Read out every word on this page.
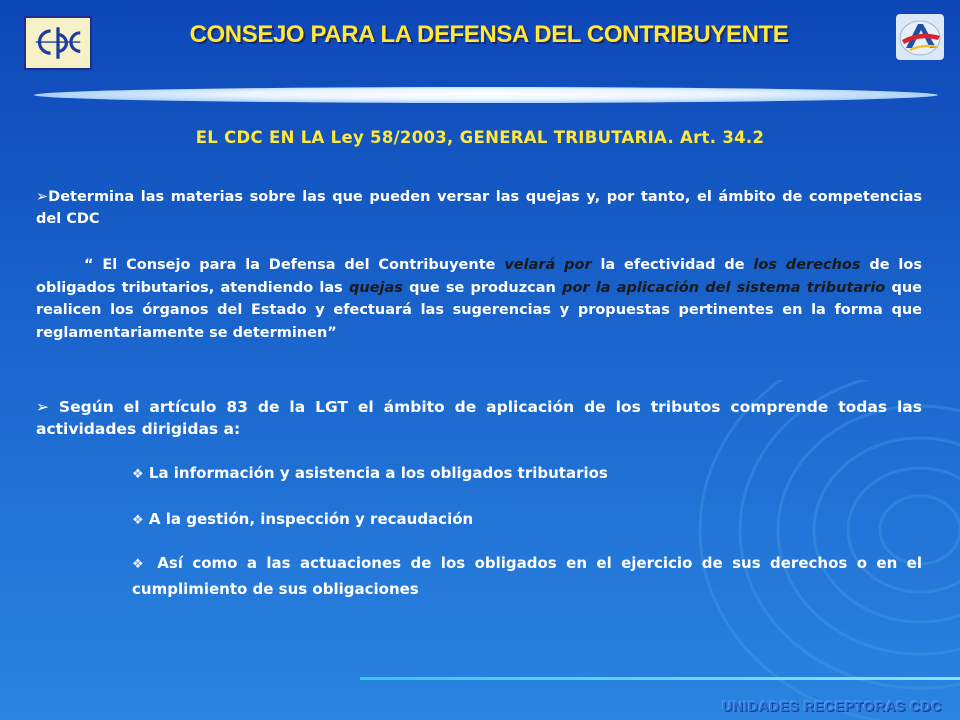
CONSEJO PARA LA DEFENSA DEL CONTRIBUYENTE
EL CDC EN LA Ley 58/2003, GENERAL TRIBUTARIA. Art. 34.2

➢Determina las materias sobre las que pueden versar las quejas y, por tanto, el ámbito de competencias del CDC

“ El Consejo para la Defensa del Contribuyente velará por la efectividad de los derechos de los obligados tributarios, atendiendo las quejas que se produzcan por la aplicación del sistema tributario que realicen los órganos del Estado y efectuará las sugerencias y propuestas pertinentes en la forma que reglamentariamente se determinen”

➢ Según el artículo 83 de la LGT el ámbito de aplicación de los tributos comprende todas las actividades dirigidas a:

❖ La información y asistencia a los obligados tributarios

❖ A la gestión, inspección y recaudación

❖ Así como a las actuaciones de los obligados en el ejercicio de sus derechos o en el cumplimiento de sus obligaciones

UNIDADES RECEPTORAS CDC
